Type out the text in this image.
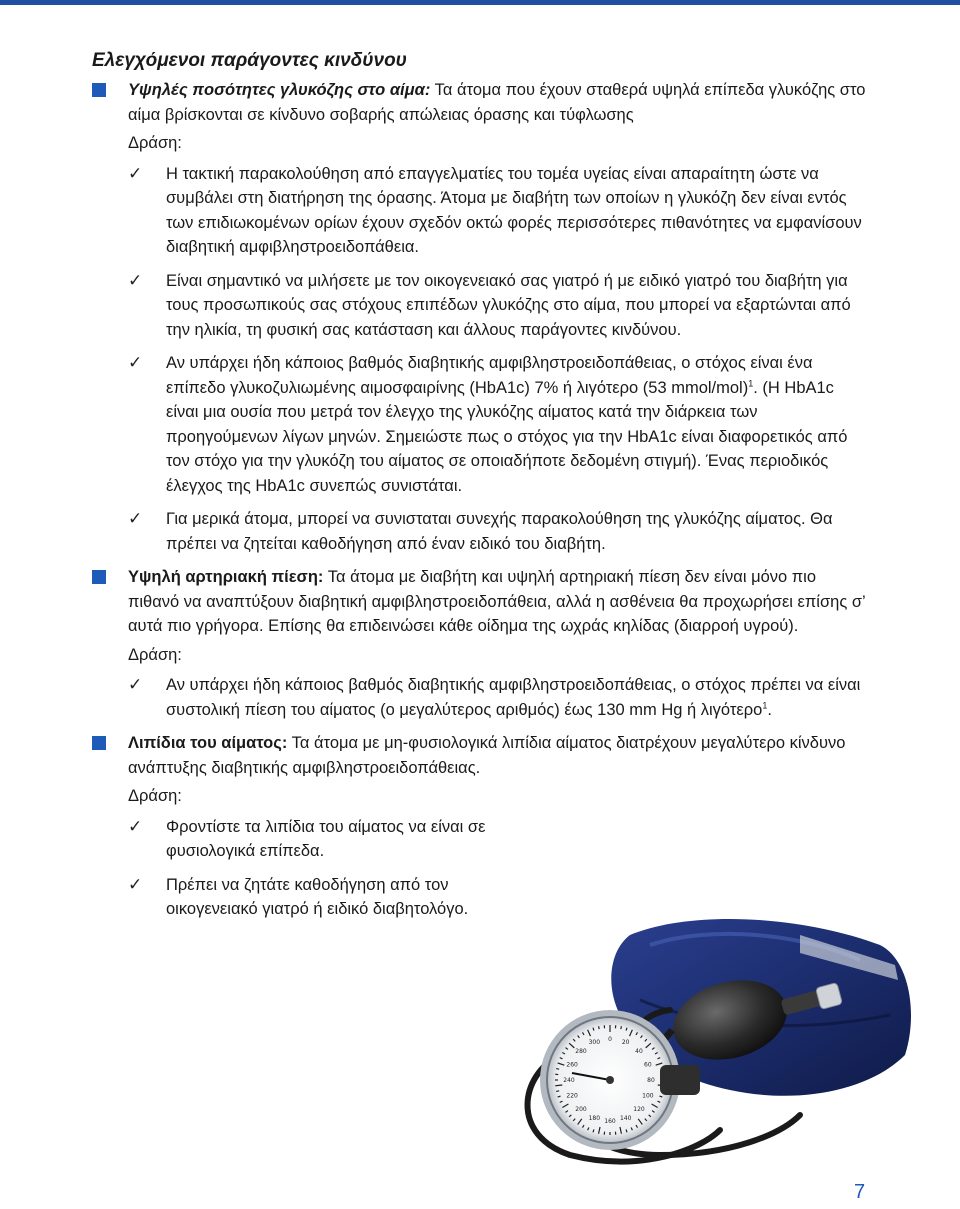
Ελεγχόμενοι παράγοντες κινδύνου
Υψηλές ποσότητες γλυκόζης στο αίμα: Τα άτομα που έχουν σταθερά υψηλά επίπεδα γλυκόζης στο αίμα βρίσκονται σε κίνδυνο σοβαρής απώλειας όρασης και τύφλωσης
Δράση:
✓ Η τακτική παρακολούθηση από επαγγελματίες του τομέα υγείας είναι απαραίτητη ώστε να συμβάλει στη διατήρηση της όρασης. Άτομα με διαβήτη των οποίων η γλυκόζη δεν είναι εντός των επιδιωκομένων ορίων έχουν σχεδόν οκτώ φορές περισσότερες πιθανότητες να εμφανίσουν διαβητική αμφιβληστροειδοπάθεια.
✓ Είναι σημαντικό να μιλήσετε με τον οικογενειακό σας γιατρό ή με ειδικό γιατρό του διαβήτη για τους προσωπικούς σας στόχους επιπέδων γλυκόζης στο αίμα, που μπορεί να εξαρτώνται από την ηλικία, τη φυσική σας κατάσταση και άλλους παράγοντες κινδύνου.
✓ Αν υπάρχει ήδη κάποιος βαθμός διαβητικής αμφιβληστροειδοπάθειας, ο στόχος είναι ένα επίπεδο γλυκοζυλιωμένης αιμοσφαιρίνης (HbA1c) 7% ή λιγότερο (53 mmol/mol)$^1$. (Η HbA1c είναι μια ουσία που μετρά τον έλεγχο της γλυκόζης αίματος κατά την διάρκεια των προηγούμενων λίγων μηνών. Σημειώστε πως ο στόχος για την HbA1c είναι διαφορετικός από τον στόχο για την γλυκόζη του αίματος σε οποιαδήποτε δεδομένη στιγμή). Ένας περιοδικός έλεγχος της HbA1c συνεπώς συνιστάται.
✓ Για μερικά άτομα, μπορεί να συνισταται συνεχής παρακολούθηση της γλυκόζης αίματος. Θα πρέπει να ζητείται καθοδήγηση από έναν ειδικό του διαβήτη.
Υψηλή αρτηριακή πίεση: Τα άτομα με διαβήτη και υψηλή αρτηριακή πίεση δεν είναι μόνο πιο πιθανό να αναπτύξουν διαβητική αμφιβληστροειδοπάθεια, αλλά η ασθένεια θα προχωρήσει επίσης σ’ αυτά πιο γρήγορα. Επίσης θα επιδεινώσει κάθε οίδημα της ωχράς κηλίδας (διαρροή υγρού).
Δράση:
✓ Αν υπάρχει ήδη κάποιος βαθμός διαβητικής αμφιβληστροειδοπάθειας, ο στόχος πρέπει να είναι συστολική πίεση του αίματος (ο μεγαλύτερος αριθμός) έως 130 mm Hg ή λιγότερο$^1$.
Λιπίδια του αίματος: Τα άτομα με μη-φυσιολογικά λιπίδια αίματος διατρέχουν μεγαλύτερο κίνδυνο ανάπτυξης διαβητικής αμφιβληστροειδοπάθειας.
Δράση:
✓ Φροντίστε τα λιπίδια του αίματος να είναι σε φυσιολογικά επίπεδα.
✓ Πρέπει να ζητάτε καθοδήγηση από τον οικογενειακό γιατρό ή ειδικό διαβητολόγο.
0 20
40
60
80
100
120
140
160
180
200
220
240
260
280
300
7
